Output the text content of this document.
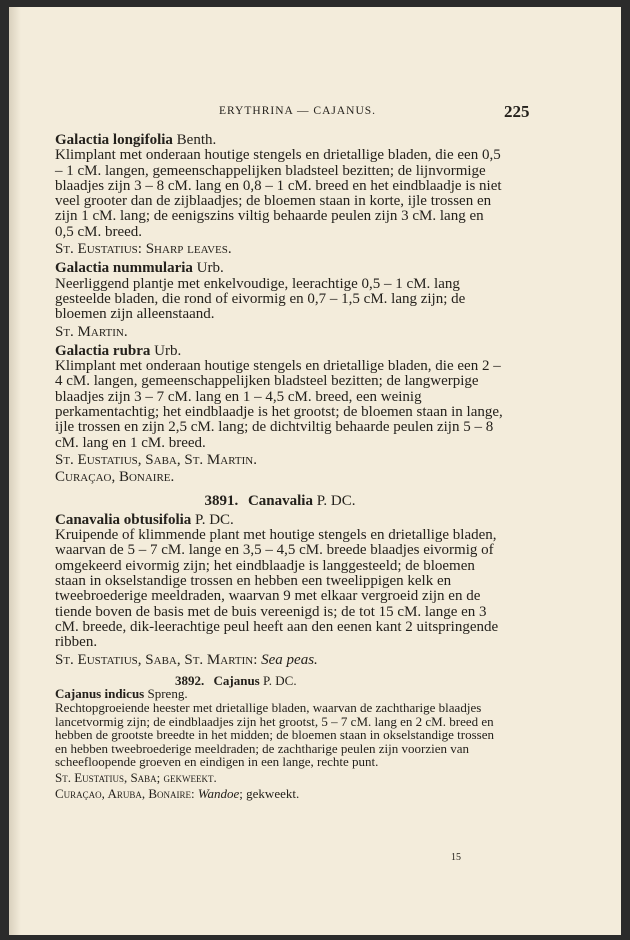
ERYTHRINA — CAJANUS.	225
Galactia longifolia Benth.
Klimplant met onderaan houtige stengels en drietallige bladen, die een 0,5 – 1 cM. langen, gemeenschappelijken bladsteel bezitten; de lijnvormige blaadjes zijn 3 – 8 cM. lang en 0,8 – 1 cM. breed en het eindblaadje is niet veel grooter dan de zijblaadjes; de bloemen staan in korte, ijle trossen en zijn 1 cM. lang; de eenigszins viltig behaarde peulen zijn 3 cM. lang en 0,5 cM. breed.
St. Eustatius: Sharp leaves.
Galactia nummularia Urb.
Neerliggend plantje met enkelvoudige, leerachtige 0,5 – 1 cM. lang gesteelde bladen, die rond of eivormig en 0,7 – 1,5 cM. lang zijn; de bloemen zijn alleenstaand.
St. Martin.
Galactia rubra Urb.
Klimplant met onderaan houtige stengels en drietallige bladen, die een 2 – 4 cM. langen, gemeenschappelijken bladsteel bezitten; de langwerpige blaadjes zijn 3 – 7 cM. lang en 1 – 4,5 cM. breed, een weinig perkamentachtig; het eindblaadje is het grootst; de bloemen staan in lange, ijle trossen en zijn 2,5 cM. lang; de dichtviltig behaarde peulen zijn 5 – 8 cM. lang en 1 cM. breed.
St. Eustatius, Saba, St. Martin.
Curaçao, Bonaire.
3891. Canavalia P. DC.
Canavalia obtusifolia P. DC.
Kruipende of klimmende plant met houtige stengels en drietallige bladen, waarvan de 5 – 7 cM. lange en 3,5 – 4,5 cM. breede blaadjes eivormig of omgekeerd eivormig zijn; het eindblaadje is langgesteeld; de bloemen staan in okselstandige trossen en hebben een tweelippigen kelk en tweebroederige meeldraden, waarvan 9 met elkaar vergroeid zijn en de tiende boven de basis met de buis vereenigd is; de tot 15 cM. lange en 3 cM. breede, dik-leerachtige peul heeft aan den eenen kant 2 uitspringende ribben.
St. Eustatius, Saba, St. Martin: Sea peas.
3892. Cajanus P. DC.
Cajanus indicus Spreng.
Rechtopgroeiende heester met drietallige bladen, waarvan de zachtharige blaadjes lancetvormig zijn; de eindblaadjes zijn het grootst, 5 – 7 cM. lang en 2 cM. breed en hebben de grootste breedte in het midden; de bloemen staan in okselstandige trossen en hebben tweebroederige meeldraden; de zachtharige peulen zijn voorzien van scheefloopende groeven en eindigen in een lange, rechte punt.
St. Eustatius, Saba; gekweekt.
Curaçao, Aruba, Bonaire: Wandoe; gekweekt.
15
